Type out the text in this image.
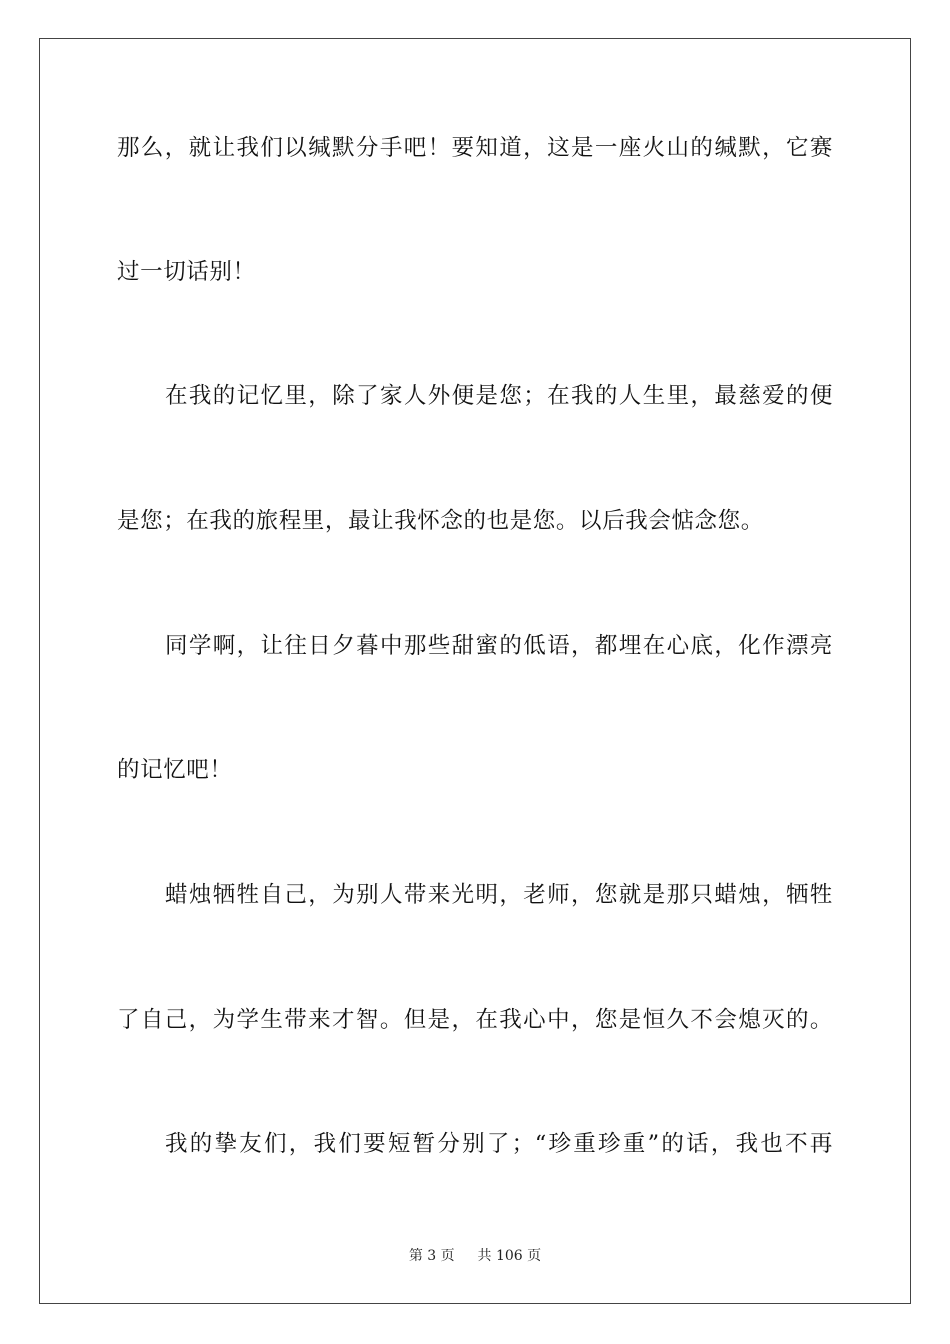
那么，就让我们以缄默分手吧！要知道，这是一座火山的缄默，它赛
过一切话别！
在我的记忆里，除了家人外便是您；在我的人生里，最慈爱的便
是您；在我的旅程里，最让我怀念的也是您。以后我会惦念您。
同学啊，让往日夕暮中那些甜蜜的低语，都埋在心底，化作漂亮
的记忆吧！
蜡烛牺牲自己，为别人带来光明，老师，您就是那只蜡烛，牺牲
了自己，为学生带来才智。但是，在我心中，您是恒久不会熄灭的。
我的挚友们，我们要短暂分别了；“珍重珍重”的话，我也不再
第 3 页 共 106 页
